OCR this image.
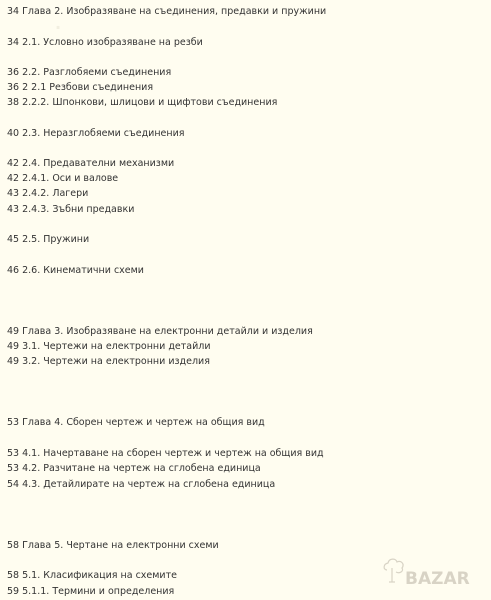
·
34 Глава 2. Изобразяване на съединения, предавки и пружини
34 2.1. Условно изобразяване на резби
36 2.2. Разглобяеми съединения
36 2 2.1 Резбови съединения
38 2.2.2. Шпонкови, шлицови и щифтови съединения
40 2.3. Неразглобяеми съединения
42 2.4. Предавателни механизми
42 2.4.1. Оси и валове
43 2.4.2. Лагери
43 2.4.3. Зъбни предавки
45 2.5. Пружини
46 2.6. Кинематични схеми
49 Глава 3. Изобразяване на електронни детайли и изделия
49 3.1. Чертежи на електронни детайли
49 3.2. Чертежи на електронни изделия
53 Глава 4. Сборен чертеж и чертеж на общия вид
53 4.1. Начертаване на сборен чертеж и чертеж на общия вид
53 4.2. Разчитане на чертеж на сглобена единица
54 4.3. Детайлирате на чертеж на сглобена единица
58 Глава 5. Чертане на електронни схеми
58 5.1. Класификация на схемите
59 5.1.1. Термини и определения
BAZAR
